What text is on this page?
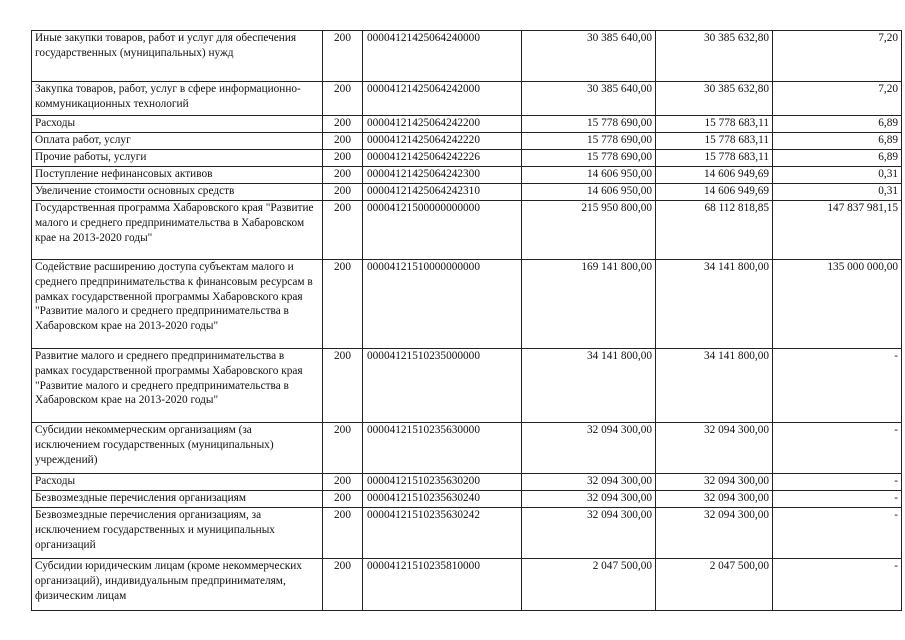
Иные закупки товаров, работ и услуг для обеспечения государственных (муниципальных) нужд	200	00004121425064240000	30 385 640,00	30 385 632,80	7,20
Закупка товаров, работ, услуг в сфере информационно-коммуникационных технологий	200	00004121425064242000	30 385 640,00	30 385 632,80	7,20
Расходы	200	00004121425064242200	15 778 690,00	15 778 683,11	6,89
Оплата работ, услуг	200	00004121425064242220	15 778 690,00	15 778 683,11	6,89
Прочие работы, услуги	200	00004121425064242226	15 778 690,00	15 778 683,11	6,89
Поступление нефинансовых активов	200	00004121425064242300	14 606 950,00	14 606 949,69	0,31
Увеличение стоимости основных средств	200	00004121425064242310	14 606 950,00	14 606 949,69	0,31
Государственная программа Хабаровского края "Развитие малого и среднего предпринимательства в Хабаровском крае на 2013-2020 годы"	200	00004121500000000000	215 950 800,00	68 112 818,85	147 837 981,15
Содействие расширению доступа субъектам малого и среднего предпринимательства к финансовым ресурсам в рамках государственной программы Хабаровского края "Развитие малого и среднего предпринимательства в Хабаровском крае на 2013-2020 годы"	200	00004121510000000000	169 141 800,00	34 141 800,00	135 000 000,00
Развитие малого и среднего предпринимательства в рамках государственной программы Хабаровского края "Развитие малого и среднего предпринимательства в Хабаровском крае на 2013-2020 годы"	200	00004121510235000000	34 141 800,00	34 141 800,00	-
Субсидии некоммерческим организациям (за исключением государственных (муниципальных) учреждений)	200	00004121510235630000	32 094 300,00	32 094 300,00	-
Расходы	200	00004121510235630200	32 094 300,00	32 094 300,00	-
Безвозмездные перечисления организациям	200	00004121510235630240	32 094 300,00	32 094 300,00	-
Безвозмездные перечисления организациям, за исключением государственных и муниципальных организаций	200	00004121510235630242	32 094 300,00	32 094 300,00	-
Субсидии юридическим лицам (кроме некоммерческих организаций), индивидуальным предпринимателям, физическим лицам	200	00004121510235810000	2 047 500,00	2 047 500,00	-
